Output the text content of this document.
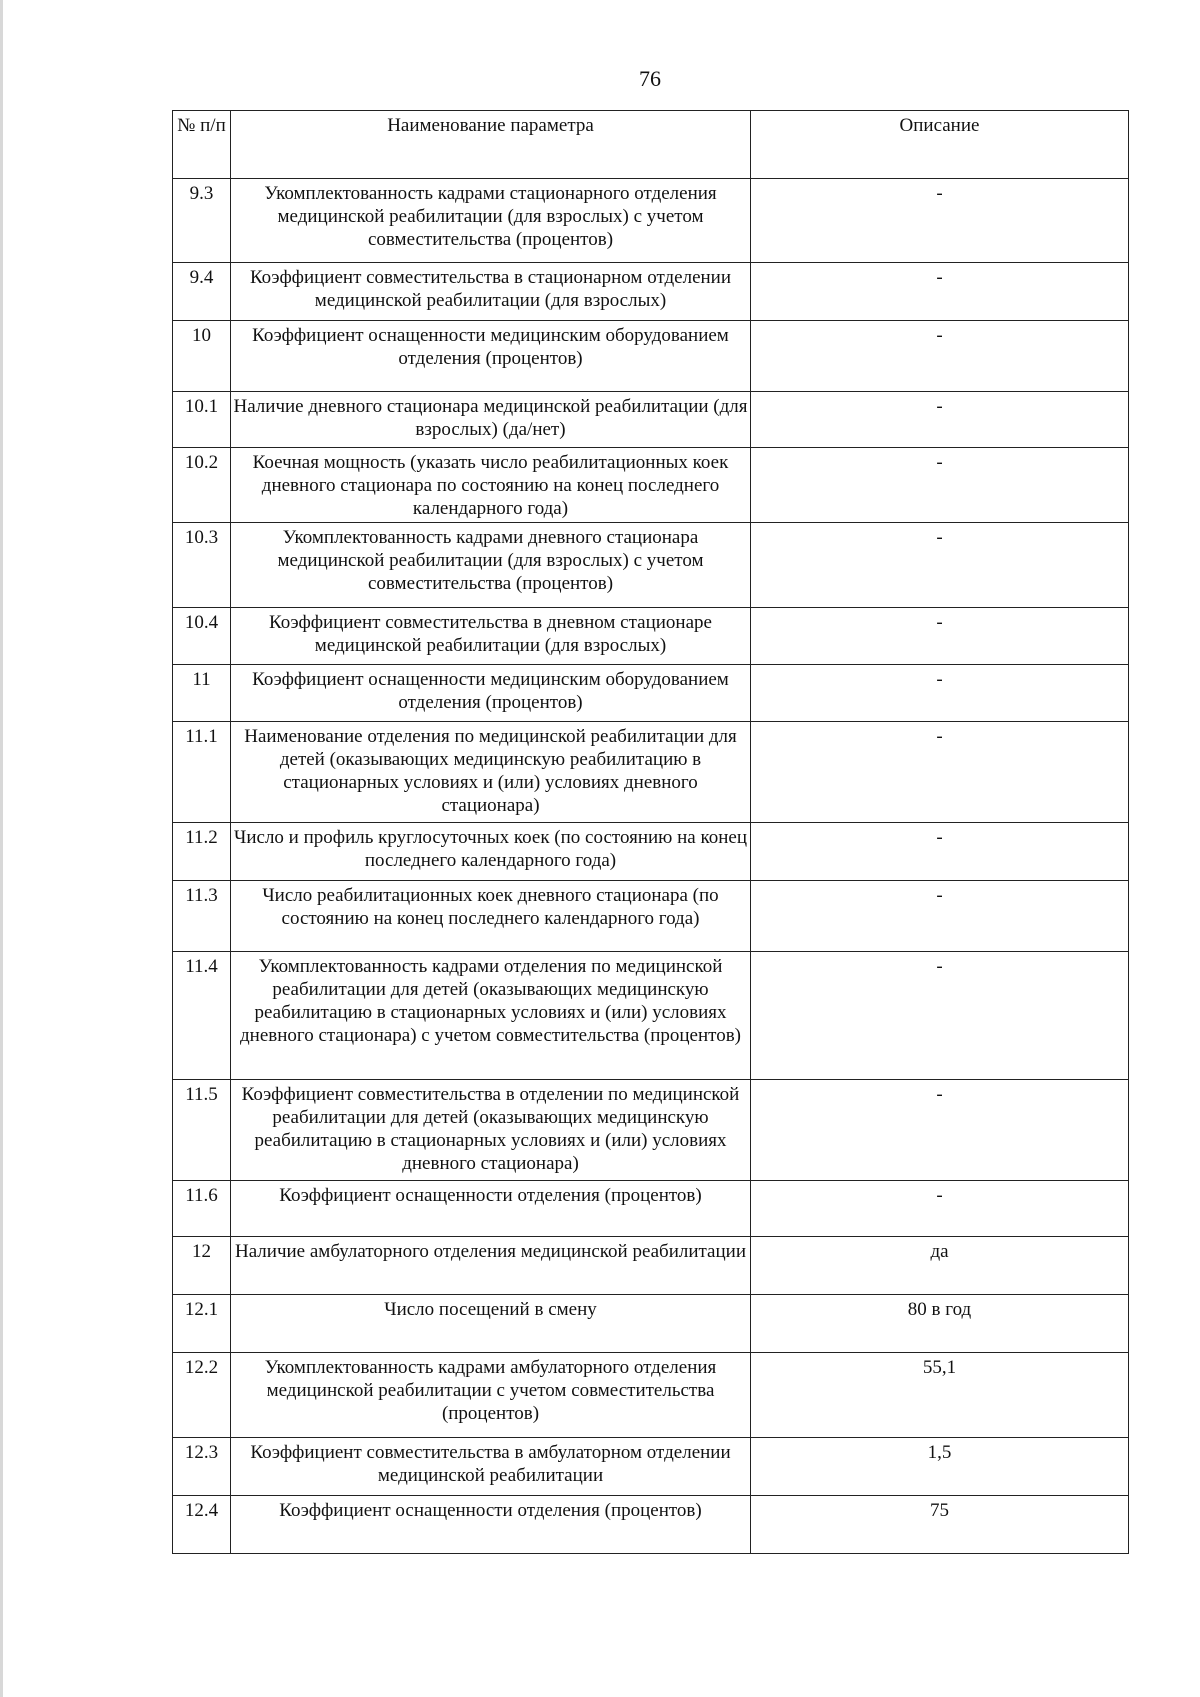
76
№ п/п	Наименование параметра	Описание
9.3	Укомплектованность кадрами стационарного отделения медицинской реабилитации (для взрослых) с учетом совместительства (процентов)	-
9.4	Коэффициент совместительства в стационарном отделении медицинской реабилитации (для взрослых)	-
10	Коэффициент оснащенности медицинским оборудованием отделения (процентов)	-
10.1	Наличие дневного стационара медицинской реабилитации (для взрослых) (да/нет)	-
10.2	Коечная мощность (указать число реабилитационных коек дневного стационара по состоянию на конец последнего календарного года)	-
10.3	Укомплектованность кадрами дневного стационара медицинской реабилитации (для взрослых) с учетом совместительства (процентов)	-
10.4	Коэффициент совместительства в дневном стационаре медицинской реабилитации (для взрослых)	-
11	Коэффициент оснащенности медицинским оборудованием отделения (процентов)	-
11.1	Наименование отделения по медицинской реабилитации для детей (оказывающих медицинскую реабилитацию в стационарных условиях и (или) условиях дневного стационара)	-
11.2	Число и профиль круглосуточных коек (по состоянию на конец последнего календарного года)	-
11.3	Число реабилитационных коек дневного стационара (по состоянию на конец последнего календарного года)	-
11.4	Укомплектованность кадрами отделения по медицинской реабилитации для детей (оказывающих медицинскую реабилитацию в стационарных условиях и (или) условиях дневного стационара) с учетом совместительства (процентов)	-
11.5	Коэффициент совместительства в отделении по медицинской реабилитации для детей (оказывающих медицинскую реабилитацию в стационарных условиях и (или) условиях дневного стационара)	-
11.6	Коэффициент оснащенности отделения (процентов)	-
12	Наличие амбулаторного отделения медицинской реабилитации	да
12.1	Число посещений в смену	80 в год
12.2	Укомплектованность кадрами амбулаторного отделения медицинской реабилитации с учетом совместительства (процентов)	55,1
12.3	Коэффициент совместительства в амбулаторном отделении медицинской реабилитации	1,5
12.4	Коэффициент оснащенности отделения (процентов)	75
